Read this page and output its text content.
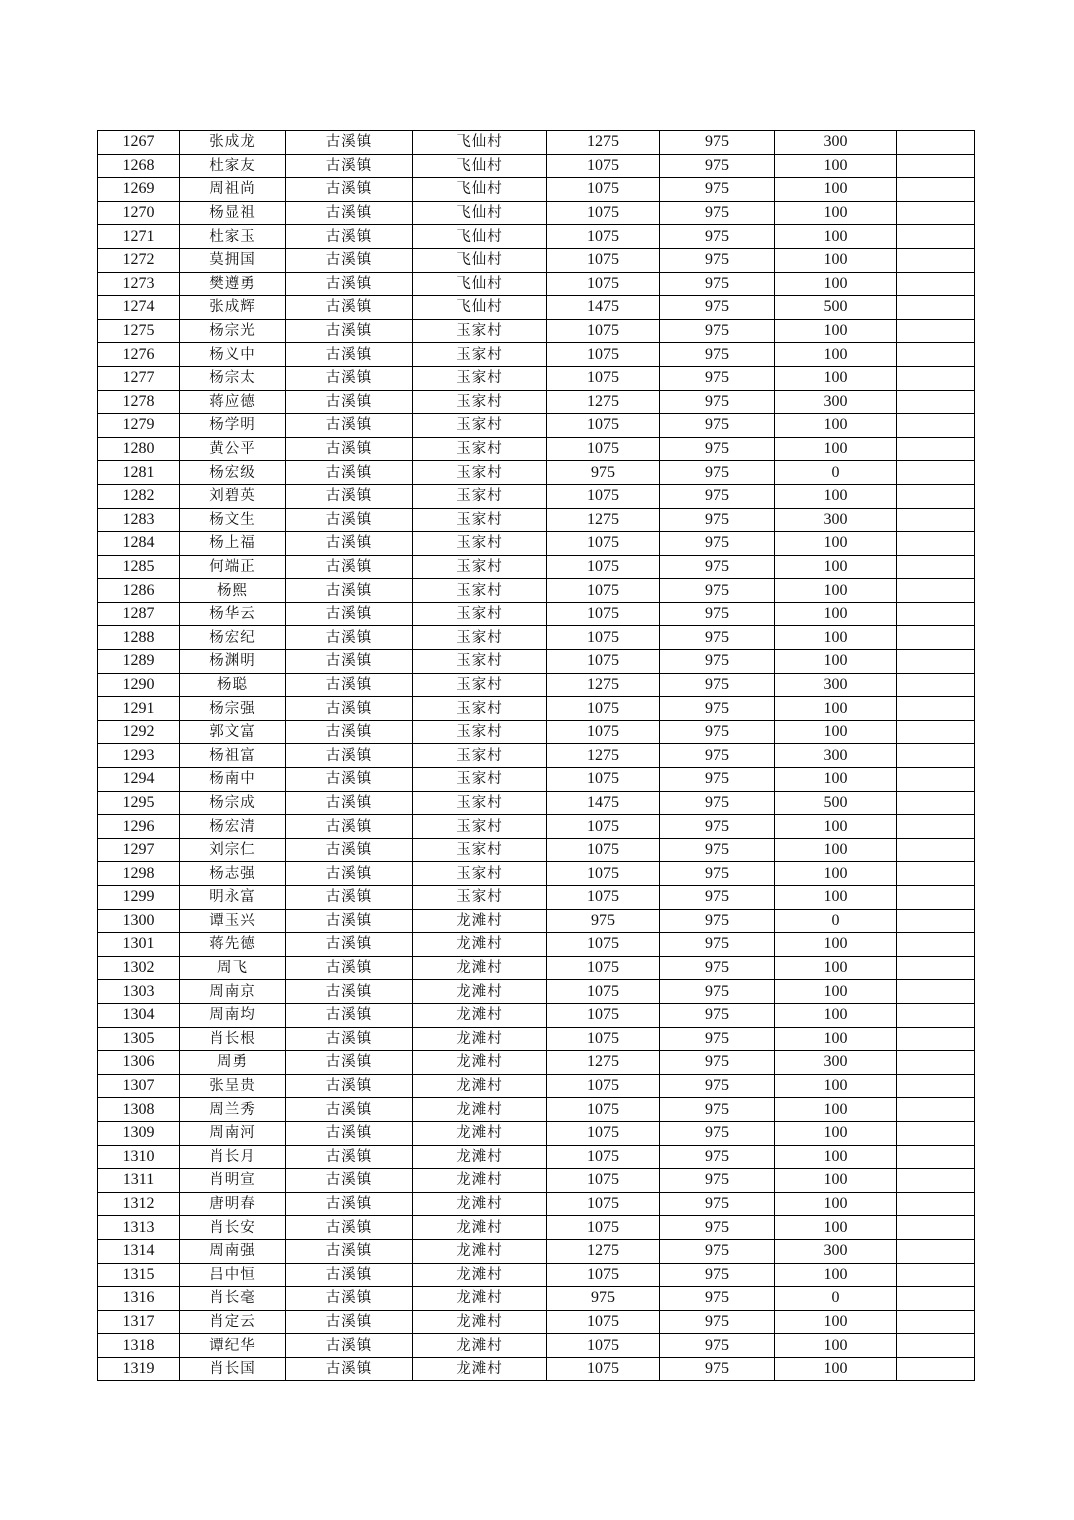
1267	张成龙	古溪镇	飞仙村	1275	975	300	
1268	杜家友	古溪镇	飞仙村	1075	975	100	
1269	周祖尚	古溪镇	飞仙村	1075	975	100	
1270	杨显祖	古溪镇	飞仙村	1075	975	100	
1271	杜家玉	古溪镇	飞仙村	1075	975	100	
1272	莫拥国	古溪镇	飞仙村	1075	975	100	
1273	樊遵勇	古溪镇	飞仙村	1075	975	100	
1274	张成辉	古溪镇	飞仙村	1475	975	500	
1275	杨宗光	古溪镇	玉家村	1075	975	100	
1276	杨义中	古溪镇	玉家村	1075	975	100	
1277	杨宗太	古溪镇	玉家村	1075	975	100	
1278	蒋应德	古溪镇	玉家村	1275	975	300	
1279	杨学明	古溪镇	玉家村	1075	975	100	
1280	黄公平	古溪镇	玉家村	1075	975	100	
1281	杨宏级	古溪镇	玉家村	975	975	0	
1282	刘碧英	古溪镇	玉家村	1075	975	100	
1283	杨文生	古溪镇	玉家村	1275	975	300	
1284	杨上福	古溪镇	玉家村	1075	975	100	
1285	何端正	古溪镇	玉家村	1075	975	100	
1286	杨熙	古溪镇	玉家村	1075	975	100	
1287	杨华云	古溪镇	玉家村	1075	975	100	
1288	杨宏纪	古溪镇	玉家村	1075	975	100	
1289	杨渊明	古溪镇	玉家村	1075	975	100	
1290	杨聪	古溪镇	玉家村	1275	975	300	
1291	杨宗强	古溪镇	玉家村	1075	975	100	
1292	郭文富	古溪镇	玉家村	1075	975	100	
1293	杨祖富	古溪镇	玉家村	1275	975	300	
1294	杨南中	古溪镇	玉家村	1075	975	100	
1295	杨宗成	古溪镇	玉家村	1475	975	500	
1296	杨宏清	古溪镇	玉家村	1075	975	100	
1297	刘宗仁	古溪镇	玉家村	1075	975	100	
1298	杨志强	古溪镇	玉家村	1075	975	100	
1299	明永富	古溪镇	玉家村	1075	975	100	
1300	谭玉兴	古溪镇	龙滩村	975	975	0	
1301	蒋先德	古溪镇	龙滩村	1075	975	100	
1302	周飞	古溪镇	龙滩村	1075	975	100	
1303	周南京	古溪镇	龙滩村	1075	975	100	
1304	周南均	古溪镇	龙滩村	1075	975	100	
1305	肖长根	古溪镇	龙滩村	1075	975	100	
1306	周勇	古溪镇	龙滩村	1275	975	300	
1307	张呈贵	古溪镇	龙滩村	1075	975	100	
1308	周兰秀	古溪镇	龙滩村	1075	975	100	
1309	周南河	古溪镇	龙滩村	1075	975	100	
1310	肖长月	古溪镇	龙滩村	1075	975	100	
1311	肖明宣	古溪镇	龙滩村	1075	975	100	
1312	唐明春	古溪镇	龙滩村	1075	975	100	
1313	肖长安	古溪镇	龙滩村	1075	975	100	
1314	周南强	古溪镇	龙滩村	1275	975	300	
1315	吕中恒	古溪镇	龙滩村	1075	975	100	
1316	肖长毫	古溪镇	龙滩村	975	975	0	
1317	肖定云	古溪镇	龙滩村	1075	975	100	
1318	谭纪华	古溪镇	龙滩村	1075	975	100	
1319	肖长国	古溪镇	龙滩村	1075	975	100	
